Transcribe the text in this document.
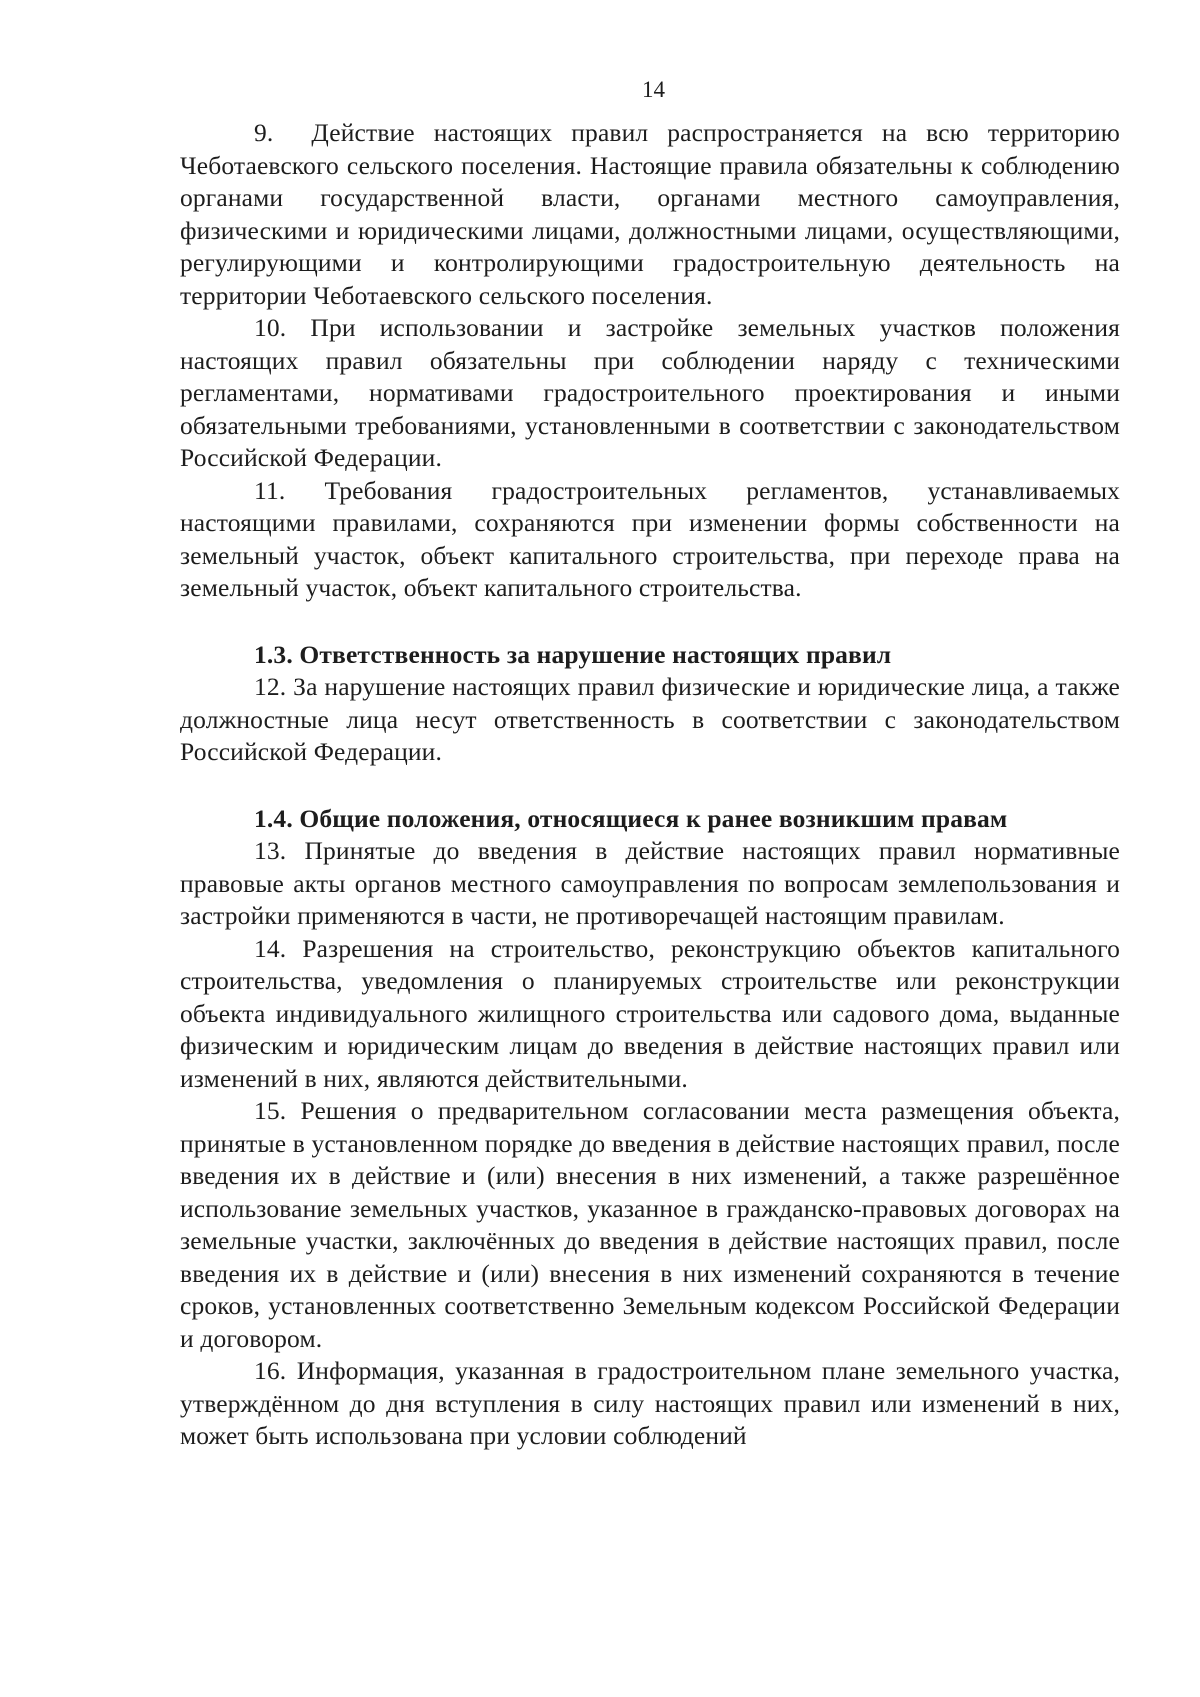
14

9.  Действие настоящих правил распространяется на всю территорию Чеботаевского сельского поселения. Настоящие правила обязательны к соблюдению органами государственной власти, органами местного самоуправления, физическими и юридическими лицами, должностными лицами, осуществляющими, регулирующими и контролирующими градостроительную деятельность на территории Чеботаевского сельского поселения.

10. При использовании и застройке земельных участков положения настоящих правил обязательны при соблюдении наряду с техническими регламентами, нормативами градостроительного проектирования и иными обязательными требованиями, установленными в соответствии с законодательством Российской Федерации.

11. Требования градостроительных регламентов, устанавливаемых настоящими правилами, сохраняются при изменении формы собственности на земельный участок, объект капитального строительства, при переходе права на земельный участок, объект капитального строительства.

1.3. Ответственность за нарушение настоящих правил

12. За нарушение настоящих правил физические и юридические лица, а также должностные лица несут ответственность в соответствии с законодательством Российской Федерации.

1.4. Общие положения, относящиеся к ранее возникшим правам

13. Принятые до введения в действие настоящих правил нормативные правовые акты органов местного самоуправления по вопросам землепользования и застройки применяются в части, не противоречащей настоящим правилам.

14. Разрешения на строительство, реконструкцию объектов капитального строительства, уведомления о планируемых строительстве или реконструкции объекта индивидуального жилищного строительства или садового дома, выданные физическим и юридическим лицам до введения в действие настоящих правил или изменений в них, являются действительными.

15. Решения о предварительном согласовании места размещения объекта, принятые в установленном порядке до введения в действие настоящих правил, после введения их в действие и (или) внесения в них изменений, а также разрешённое использование земельных участков, указанное в гражданско-правовых договорах на земельные участки, заключённых до введения в действие настоящих правил, после введения их в действие и (или) внесения в них изменений сохраняются в течение сроков, установленных соответственно Земельным кодексом Российской Федерации и договором.

16. Информация, указанная в градостроительном плане земельного участка, утверждённом до дня вступления в силу настоящих правил или изменений в них, может быть использована при условии соблюдений
